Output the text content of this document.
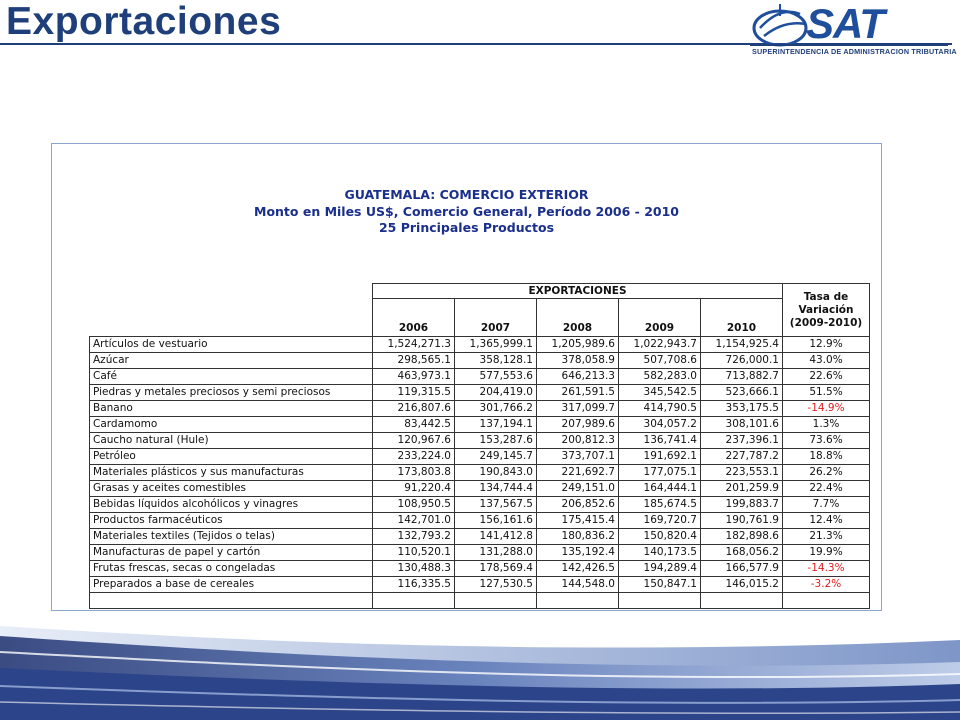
Exportaciones	SAT
SUPERINTENDENCIA DE ADMINISTRACION TRIBUTARIA
GUATEMALA: COMERCIO EXTERIOR
Monto en Miles US$, Comercio General, Período 2006 - 2010
25 Principales Productos
	EXPORTACIONES					Tasa de
Variación
(2009-2010)

	2006	2007	2008	2009	2010	
Artículos de vestuario	1,524,271.3	1,365,999.1	1,205,989.6	1,022,943.7	1,154,925.4	12.9%
Azúcar	298,565.1	358,128.1	378,058.9	507,708.6	726,000.1	43.0%
Café	463,973.1	577,553.6	646,213.3	582,283.0	713,882.7	22.6%
Piedras y metales preciosos y semi preciosos	119,315.5	204,419.0	261,591.5	345,542.5	523,666.1	51.5%
Banano	216,807.6	301,766.2	317,099.7	414,790.5	353,175.5	-14.9%
Cardamomo	83,442.5	137,194.1	207,989.6	304,057.2	308,101.6	1.3%
Caucho natural (Hule)	120,967.6	153,287.6	200,812.3	136,741.4	237,396.1	73.6%
Petróleo	233,224.0	249,145.7	373,707.1	191,692.1	227,787.2	18.8%
Materiales plásticos y sus manufacturas	173,803.8	190,843.0	221,692.7	177,075.1	223,553.1	26.2%
Grasas y aceites comestibles	91,220.4	134,744.4	249,151.0	164,444.1	201,259.9	22.4%
Bebidas líquidos alcohólicos y vinagres	108,950.5	137,567.5	206,852.6	185,674.5	199,883.7	7.7%
Productos farmacéuticos	142,701.0	156,161.6	175,415.4	169,720.7	190,761.9	12.4%
Materiales textiles (Tejidos o telas)	132,793.2	141,412.8	180,836.2	150,820.4	182,898.6	21.3%
Manufacturas de papel y cartón	110,520.1	131,288.0	135,192.4	140,173.5	168,056.2	19.9%
Frutas frescas, secas o congeladas	130,488.3	178,569.4	142,426.5	194,289.4	166,577.9	-14.3%
Preparados a base de cereales	116,335.5	127,530.5	144,548.0	150,847.1	146,015.2	-3.2%
